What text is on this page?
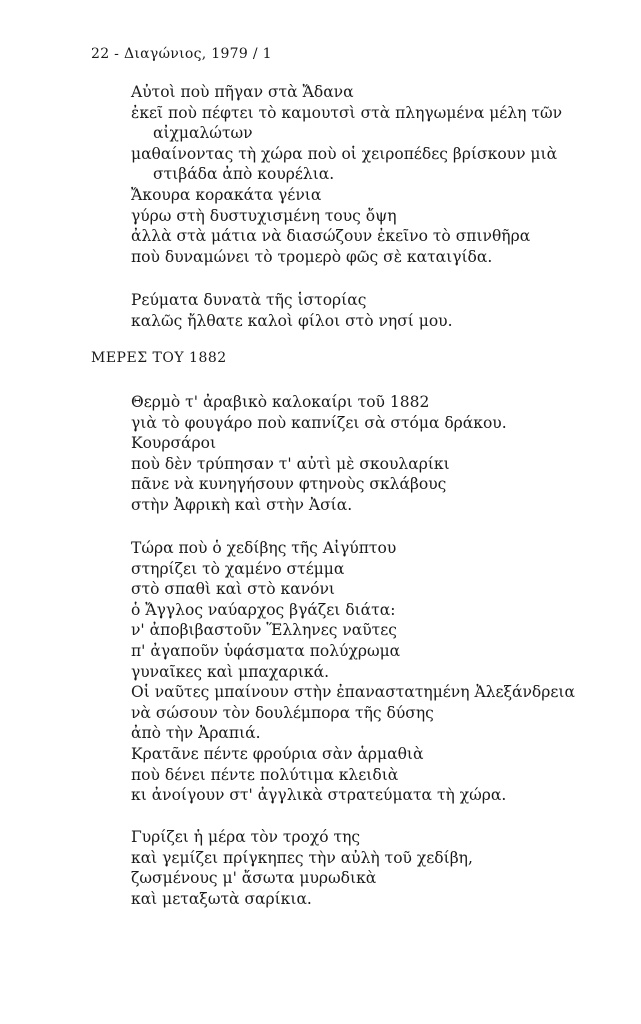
22 - Διαγώνιος, 1979 / 1
Αὐτοὶ ποὺ πῆγαν στὰ Ἄδανα
ἐκεῖ ποὺ πέφτει τὸ καμουτσὶ στὰ πληγωμένα μέλη τῶν
αἰχμαλώτων
μαθαίνοντας τὴ χώρα ποὺ οἱ χειροπέδες βρίσκουν μιὰ
στιβάδα ἀπὸ κουρέλια.
Ἄκουρα κορακάτα γένια
γύρω στὴ δυστυχισμένη τους ὄψη
ἀλλὰ στὰ μάτια νὰ διασώζουν ἐκεῖνο τὸ σπινθῆρα
ποὺ δυναμώνει τὸ τρομερὸ φῶς σὲ καταιγίδα.
Ρεύματα δυνατὰ τῆς ἱστορίας
καλῶς ἤλθατε καλοὶ φίλοι στὸ νησί μου.
ΜΕΡΕΣ ΤΟΥ 1882
Θερμὸ τ' ἀραβικὸ καλοκαίρι τοῦ 1882
γιὰ τὸ φουγάρο ποὺ καπνίζει σὰ στόμα δράκου.
Κουρσάροι
ποὺ δὲν τρύπησαν τ' αὐτὶ μὲ σκουλαρίκι
πᾶνε νὰ κυνηγήσουν φτηνοὺς σκλάβους
στὴν Ἀφρικὴ καὶ στὴν Ἀσία.
Τώρα ποὺ ὁ χεδίβης τῆς Αἰγύπτου
στηρίζει τὸ χαμένο στέμμα
στὸ σπαθὶ καὶ στὸ κανόνι
ὁ Ἄγγλος ναύαρχος βγάζει διάτα:
ν' ἀποβιβαστοῦν Ἕλληνες ναῦτες
π' ἀγαποῦν ὑφάσματα πολύχρωμα
γυναῖκες καὶ μπαχαρικά.
Οἱ ναῦτες μπαίνουν στὴν ἐπαναστατημένη Ἀλεξάνδρεια
νὰ σώσουν τὸν δουλέμπορα τῆς δύσης
ἀπὸ τὴν Ἀραπιά.
Κρατᾶνε πέντε φρούρια σὰν ἁρμαθιὰ
ποὺ δένει πέντε πολύτιμα κλειδιὰ
κι ἀνοίγουν στ' ἀγγλικὰ στρατεύματα τὴ χώρα.
Γυρίζει ἡ μέρα τὸν τροχό της
καὶ γεμίζει πρίγκηπες τὴν αὐλὴ τοῦ χεδίβη,
ζωσμένους μ' ἄσωτα μυρωδικὰ
καὶ μεταξωτὰ σαρίκια.
